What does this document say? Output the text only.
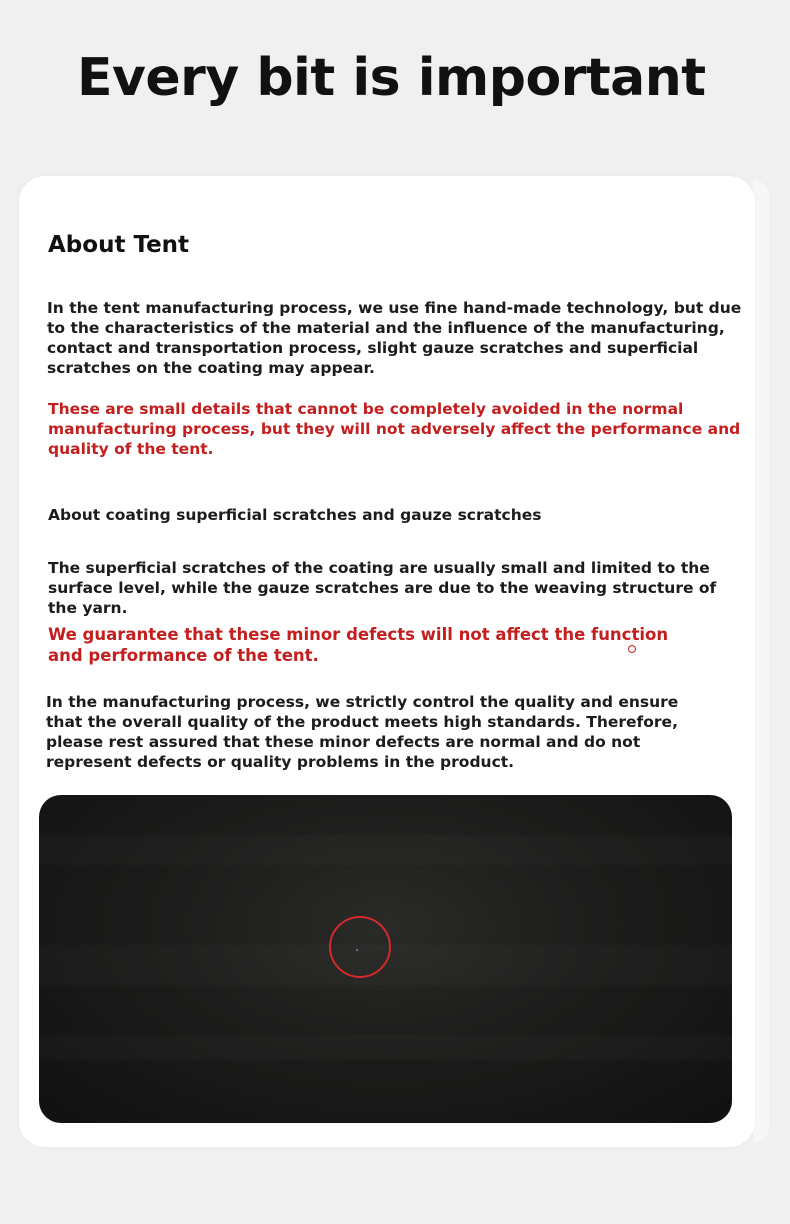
Every bit is important
About Tent

In the tent manufacturing process, we use fine hand-made technology, but due to the characteristics of the material and the influence of the manufacturing, contact and transportation process, slight gauze scratches and superficial scratches on the coating may appear.

These are small details that cannot be completely avoided in the normal manufacturing process, but they will not adversely affect the performance and quality of the tent.

About coating superficial scratches and gauze scratches

The superficial scratches of the coating are usually small and limited to the surface level, while the gauze scratches are due to the weaving structure of the yarn.

We guarantee that these minor defects will not affect the function and performance of the tent.

In the manufacturing process, we strictly control the quality and ensure that the overall quality of the product meets high standards. Therefore, please rest assured that these minor defects are normal and do not represent defects or quality problems in the product.
